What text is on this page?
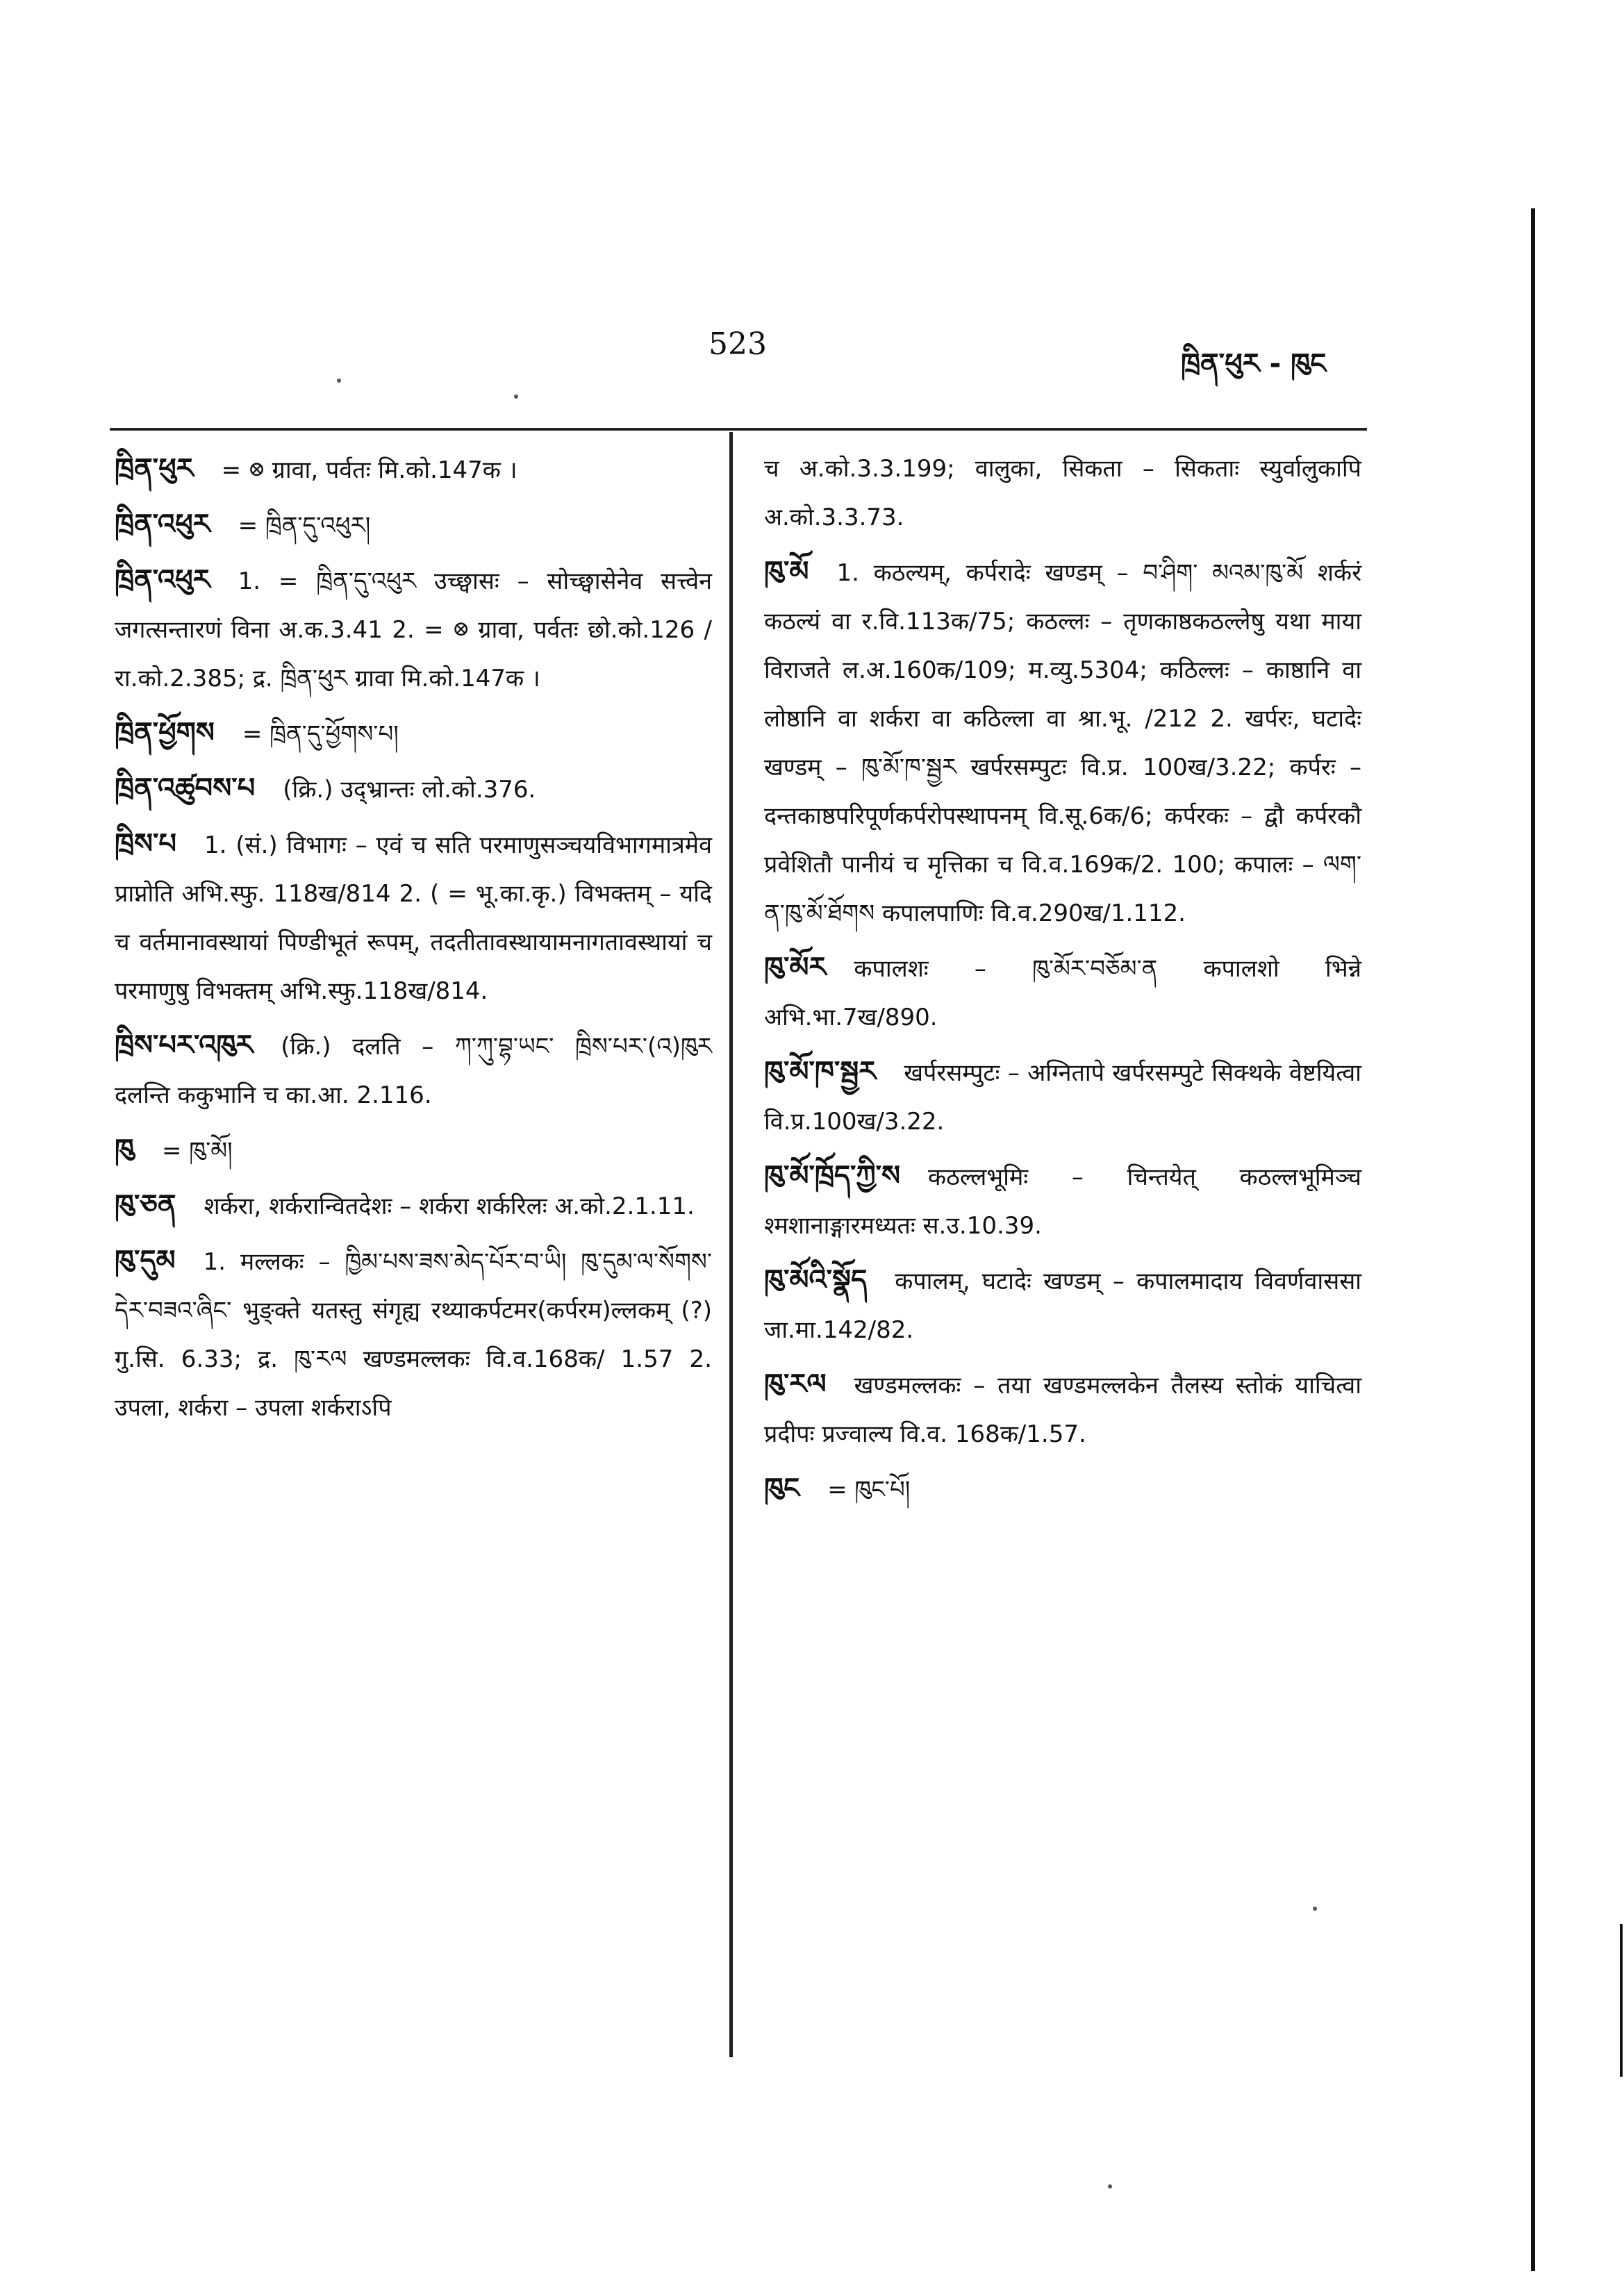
523
ཁྲིན་ཕུར - ཁུང
ཁྲིན་ཕུར = ᳁ ग्रावा, पर्वतः मि.को.147क ।
ཁྲིན་འཕུར = ཁྲིན་དུ་འཕུར།
ཁྲིན་འཕུར 1. = ཁྲིན་དུ་འཕུར उच्छ्वासः – सोच्छ्वासेनेव सत्त्वेन जगत्सन्तारणं विना अ.क.3.41 2. = ᳁ ग्रावा, पर्वतः छो.को.126 /रा.को.2.385; द्र. ཁྲིན་ཕུར ग्रावा मि.को.147क ।
ཁྲིན་ཕྱོགས = ཁྲིན་དུ་ཕྱོགས་པ།
ཁྲིན་འཚུབས་པ (क्रि.) उद्भ्रान्तः लो.को.376.
ཁྲིས་པ 1. (सं.) विभागः – एवं च सति परमाणुसञ्चयविभागमात्रमेव प्राप्नोति अभि.स्फु. 118ख/814 2. ( = भू.का.कृ.) विभक्तम् – यदि च वर्तमानावस्थायां पिण्डीभूतं रूपम्, तदतीतावस्थायामनागतावस्थायां च परमाणुषु विभक्तम् अभि.स्फु.118ख/814.
ཁྲིས་པར་འཁུར (क्रि.) दलति – ཀ་ཀུ་བྷ་ཡང་ ཁྲིས་པར་(འ)ཁུར दलन्ति ककुभानि च का.आ. 2.116.
ཁུ = ཁུ་མོ།
ཁུ་ཅན शर्करा, शर्करान्वितदेशः – शर्करा शर्करिलः अ.को.2.1.11.
ཁུ་དུམ 1. मल्लकः – ཁྱིམ་པས་ཟས་མེད་པོར་བ་ཡི། ཁུ་དུམ་ལ་སོགས་དེར་བཟའ་ཞིང་ भुङ्क्ते यतस्तु संगृह्य रथ्याकर्पटमर(कर्परम)ल्लकम् (?) गु.सि. 6.33; द्र. ཁུ་རལ खण्डमल्लकः वि.व.168क/ 1.57 2. उपला, शर्करा – उपला शर्कराऽपि
च अ.को.3.3.199; वालुका, सिकता – सिकताः स्युर्वालुकापि अ.को.3.3.73.
ཁུ་མོ 1. कठल्यम्, कर्परादेः खण्डम् – བ་ཤིག་ མའམ་ཁུ་མོ शर्करं कठल्यं वा र.वि.113क/75; कठल्लः – तृणकाष्ठकठल्लेषु यथा माया विराजते ल.अ.160क/109; म.व्यु.5304; कठिल्लः – काष्ठानि वा लोष्ठानि वा शर्करा वा कठिल्ला वा श्रा.भू. /212 2. खर्परः, घटादेः खण्डम् – ཁུ་མོ་ཁ་སྦྱར खर्परसम्पुटः वि.प्र. 100ख/3.22; कर्परः – दन्तकाष्ठपरिपूर्णकर्परोपस्थापनम् वि.सू.6क/6; कर्परकः – द्वौ कर्परकौ प्रवेशितौ पानीयं च मृत्तिका च वि.व.169क/2. 100; कपालः – ལག་ན་ཁུ་མོ་ཐོགས कपालपाणिः वि.व.290ख/1.112.
ཁུ་མོར कपालशः – ཁུ་མོར་བཅོམ་ན कपालशो भिन्ने अभि.भा.7ख/890.
ཁུ་མོ་ཁ་སྦྱར खर्परसम्पुटः – अग्नितापे खर्परसम्पुटे सिक्थके वेष्टयित्वा वि.प्र.100ख/3.22.
ཁུ་མོ་ཁྲོད་ཀྱི་ས कठल्लभूमिः – चिन्तयेत् कठल्लभूमिञ्च श्मशानाङ्गारमध्यतः स.उ.10.39.
ཁུ་མོའི་སྣོད कपालम्, घटादेः खण्डम् – कपालमादाय विवर्णवाससा जा.मा.142/82.
ཁུ་རལ खण्डमल्लकः – तया खण्डमल्लकेन तैलस्य स्तोकं याचित्वा प्रदीपः प्रज्वाल्य वि.व. 168क/1.57.
ཁུང = ཁུང་པོ།
